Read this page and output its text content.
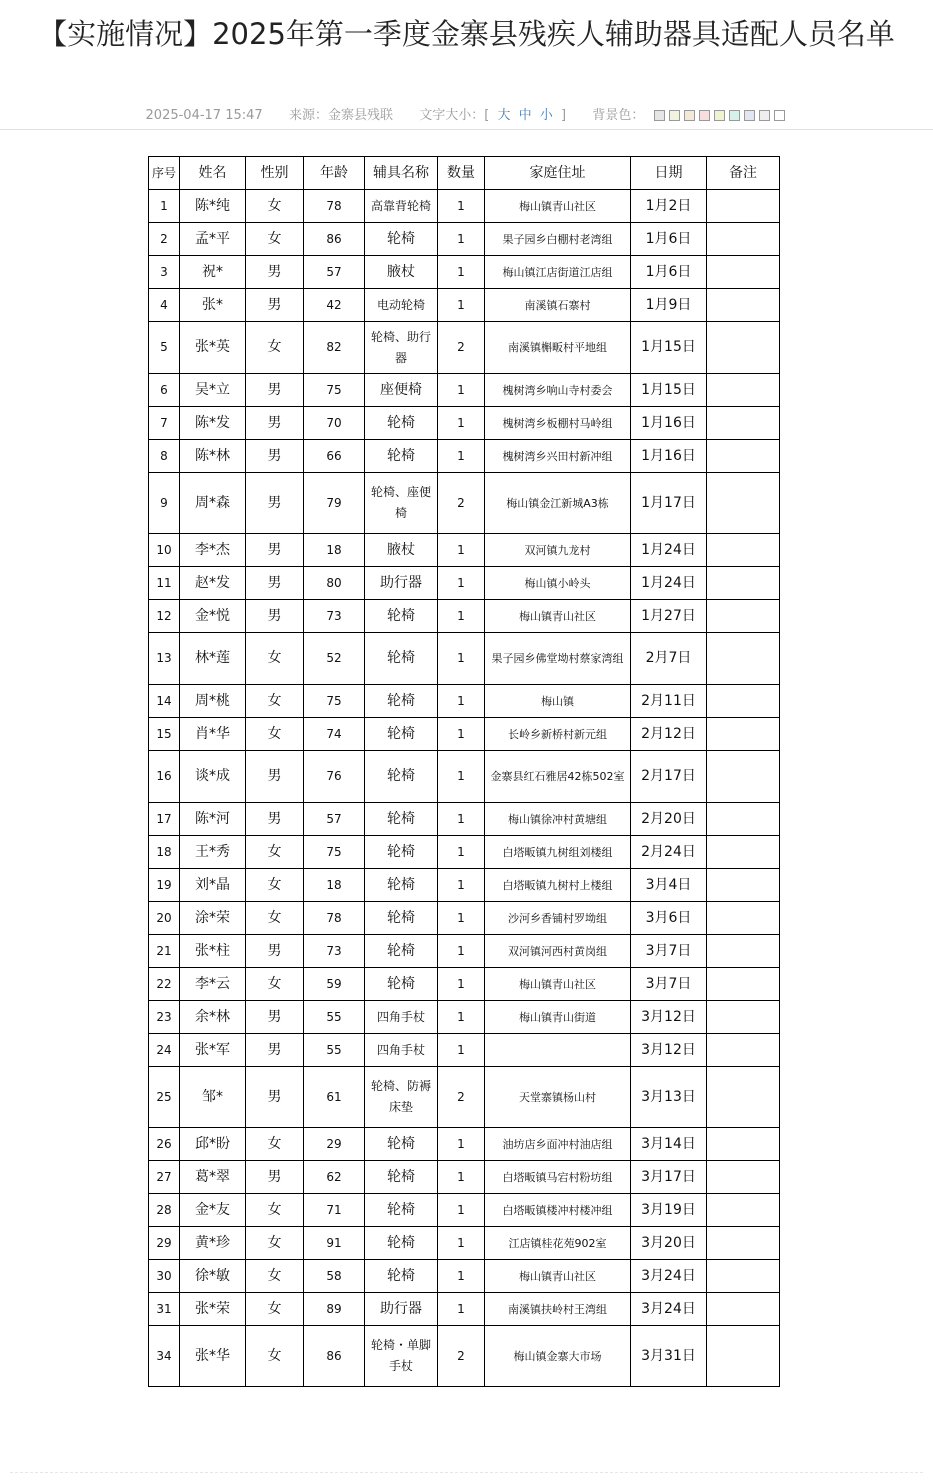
【实施情况】2025年第一季度金寨县残疾人辅助器具适配人员名单
2025-04-17 15:47 来源：金寨县残联 文字大小：[ 大 中 小 ] 背景色：
序号	姓名	性别	年龄	辅具名称	数量	家庭住址	日期	备注
1	陈*纯	女	78	高靠背轮椅	1	梅山镇青山社区	1月2日	
2	孟*平	女	86	轮椅	1	果子园乡白棚村老湾组	1月6日	
3	祝*	男	57	腋杖	1	梅山镇江店街道江店组	1月6日	
4	张*	男	42	电动轮椅	1	南溪镇石寨村	1月9日	
5	张*英	女	82	轮椅、助行器	2	南溪镇槲畈村平地组	1月15日	
6	吴*立	男	75	座便椅	1	槐树湾乡响山寺村委会	1月15日	
7	陈*发	男	70	轮椅	1	槐树湾乡板棚村马岭组	1月16日	
8	陈*林	男	66	轮椅	1	槐树湾乡兴田村新冲组	1月16日	
9	周*森	男	79	轮椅、座便椅	2	梅山镇金江新城A3栋	1月17日	
10	李*杰	男	18	腋杖	1	双河镇九龙村	1月24日	
11	赵*发	男	80	助行器	1	梅山镇小岭头	1月24日	
12	金*悦	男	73	轮椅	1	梅山镇青山社区	1月27日	
13	林*莲	女	52	轮椅	1	果子园乡佛堂坳村蔡家湾组	2月7日	
14	周*桃	女	75	轮椅	1	梅山镇	2月11日	
15	肖*华	女	74	轮椅	1	长岭乡新桥村新元组	2月12日	
16	谈*成	男	76	轮椅	1	金寨县红石雅居42栋502室	2月17日	
17	陈*河	男	57	轮椅	1	梅山镇徐冲村黄塘组	2月20日	
18	王*秀	女	75	轮椅	1	白塔畈镇九树组刘楼组	2月24日	
19	刘*晶	女	18	轮椅	1	白塔畈镇九树村上楼组	3月4日	
20	涂*荣	女	78	轮椅	1	沙河乡香铺村罗坳组	3月6日	
21	张*柱	男	73	轮椅	1	双河镇河西村黄岗组	3月7日	
22	李*云	女	59	轮椅	1	梅山镇青山社区	3月7日	
23	余*林	男	55	四角手杖	1	梅山镇青山街道	3月12日	
24	张*军	男	55	四角手杖	1		3月12日	
25	邹*	男	61	轮椅、防褥床垫	2	天堂寨镇杨山村	3月13日	
26	邱*盼	女	29	轮椅	1	油坊店乡面冲村油店组	3月14日	
27	葛*翠	男	62	轮椅	1	白塔畈镇马宕村粉坊组	3月17日	
28	金*友	女	71	轮椅	1	白塔畈镇楼冲村楼冲组	3月19日	
29	黄*珍	女	91	轮椅	1	江店镇桂花苑902室	3月20日	
30	徐*敏	女	58	轮椅	1	梅山镇青山社区	3月24日	
31	张*荣	女	89	助行器	1	南溪镇扶岭村王湾组	3月24日	
34	张*华	女	86	轮椅・单脚手杖	2	梅山镇金寨大市场	3月31日	
